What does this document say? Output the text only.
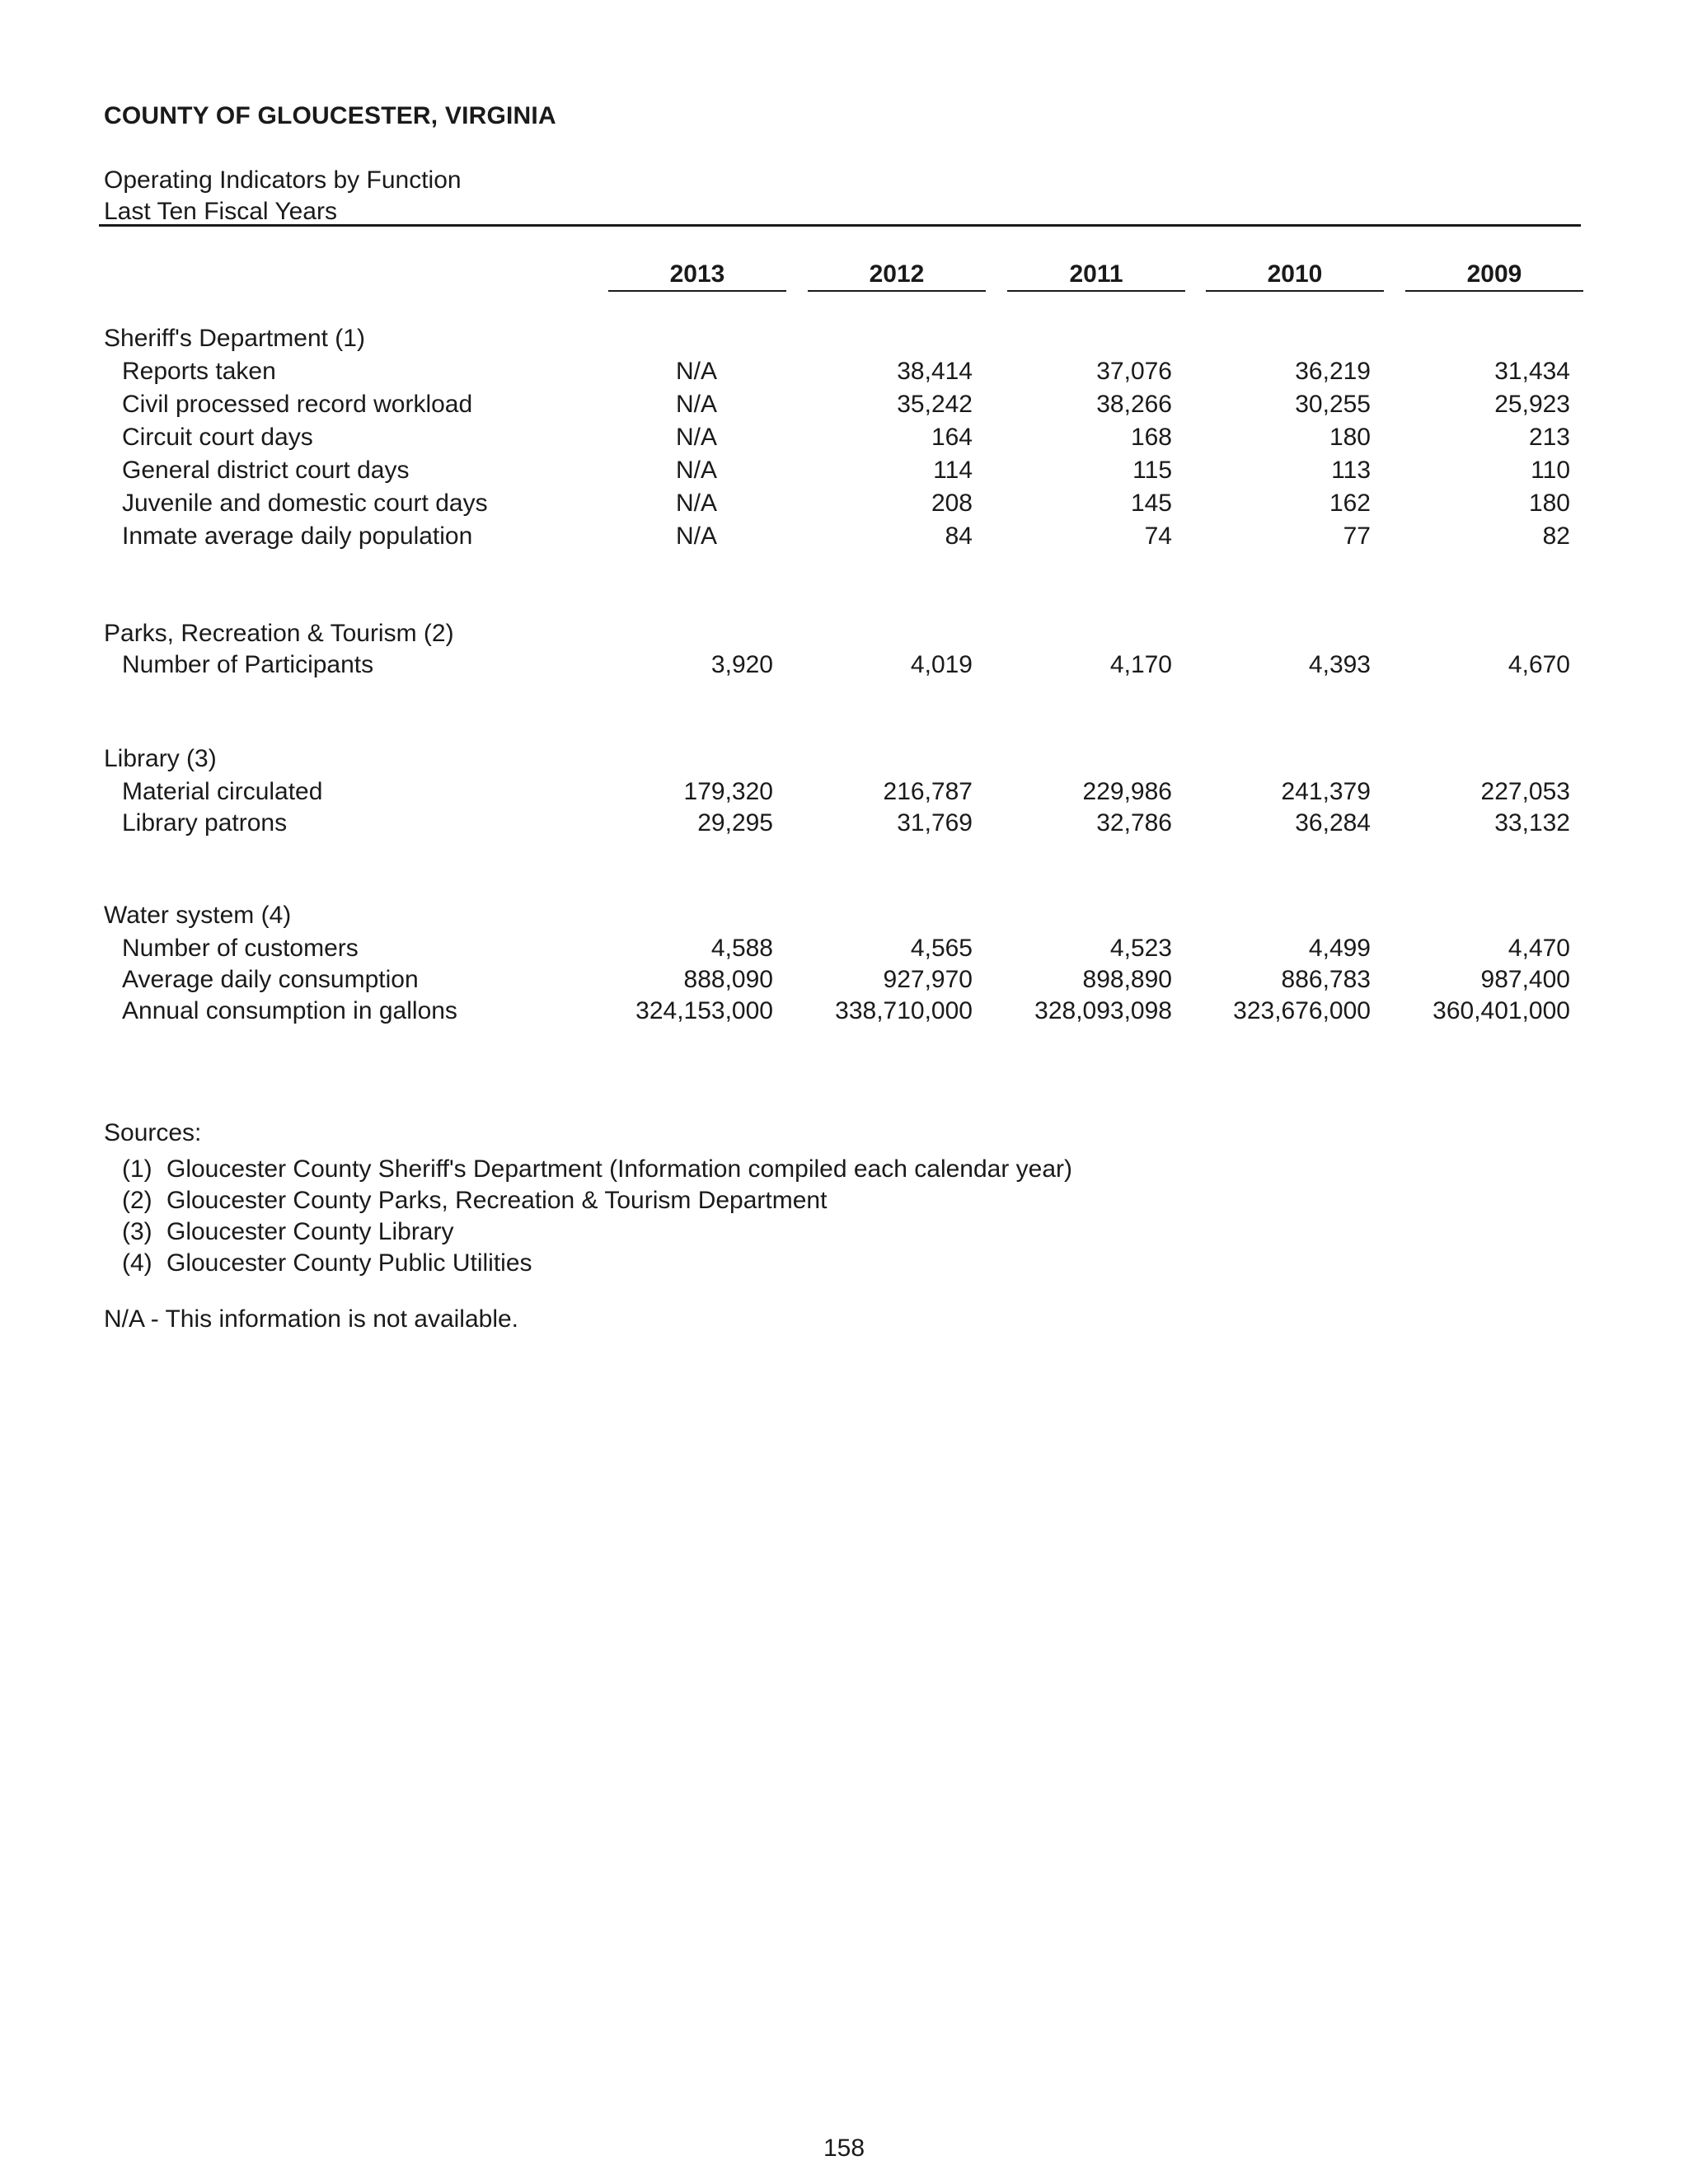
COUNTY OF GLOUCESTER, VIRGINIA
Operating Indicators by Function
Last Ten Fiscal Years
2013	2012	2011	2010	2009
Sheriff's Department (1)
Reports taken	N/A	38,414	37,076	36,219	31,434
Civil processed record workload	N/A	35,242	38,266	30,255	25,923
Circuit court days	N/A	164	168	180	213
General district court days	N/A	114	115	113	110
Juvenile and domestic court days	N/A	208	145	162	180
Inmate average daily population	N/A	84	74	77	82
Parks, Recreation & Tourism (2)
Number of Participants	3,920	4,019	4,170	4,393	4,670
Library (3)
Material circulated	179,320	216,787	229,986	241,379	227,053
Library patrons	29,295	31,769	32,786	36,284	33,132
Water system (4)
Number of customers	4,588	4,565	4,523	4,499	4,470
Average daily consumption	888,090	927,970	898,890	886,783	987,400
Annual consumption in gallons	324,153,000	338,710,000	328,093,098	323,676,000	360,401,000
Sources:
(1) Gloucester County Sheriff's Department (Information compiled each calendar year)
(2) Gloucester County Parks, Recreation & Tourism Department
(3) Gloucester County Library
(4) Gloucester County Public Utilities
N/A - This information is not available.
158
